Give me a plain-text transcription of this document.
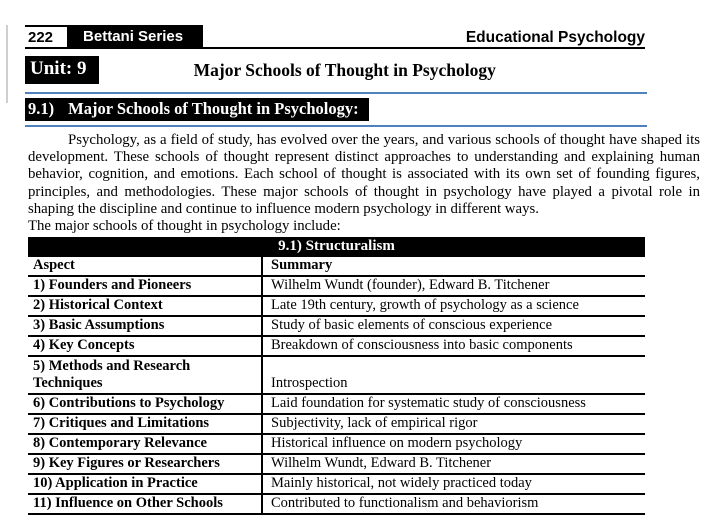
222	Bettani Series	Educational Psychology
Unit: 9	Major Schools of Thought in Psychology
9.1) Major Schools of Thought in Psychology:

Psychology, as a field of study, has evolved over the years, and various schools of thought have shaped its development. These schools of thought represent distinct approaches to understanding and explaining human behavior, cognition, and emotions. Each school of thought is associated with its own set of founding figures, principles, and methodologies. These major schools of thought in psychology have played a pivotal role in shaping the discipline and continue to influence modern psychology in different ways.

The major schools of thought in psychology include:
9.1) Structuralism	
Aspect	Summary
1) Founders and Pioneers	Wilhelm Wundt (founder), Edward B. Titchener
2) Historical Context	Late 19th century, growth of psychology as a science
3) Basic Assumptions	Study of basic elements of conscious experience
4) Key Concepts	Breakdown of consciousness into basic components
5) Methods and Research Techniques	Introspection
6) Contributions to Psychology	Laid foundation for systematic study of consciousness
7) Critiques and Limitations	Subjectivity, lack of empirical rigor
8) Contemporary Relevance	Historical influence on modern psychology
9) Key Figures or Researchers	Wilhelm Wundt, Edward B. Titchener
10) Application in Practice	Mainly historical, not widely practiced today
11) Influence on Other Schools	Contributed to functionalism and behaviorism
